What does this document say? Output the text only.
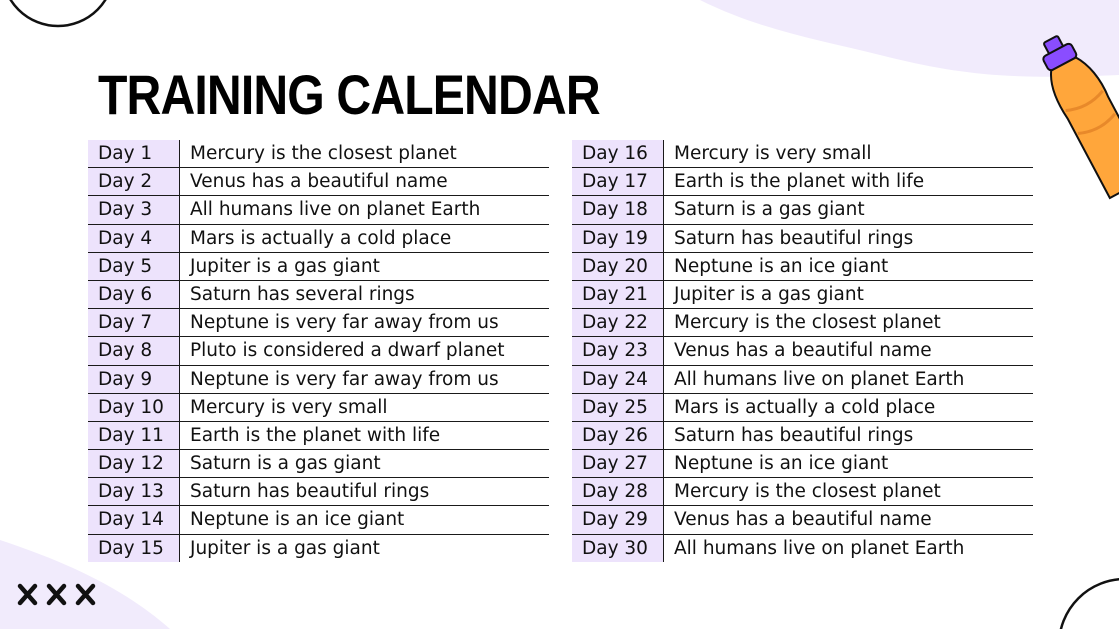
TRAINING CALENDAR
Day 1	Mercury is the closest planet
Day 2	Venus has a beautiful name
Day 3	All humans live on planet Earth
Day 4	Mars is actually a cold place
Day 5	Jupiter is a gas giant
Day 6	Saturn has several rings
Day 7	Neptune is very far away from us
Day 8	Pluto is considered a dwarf planet
Day 9	Neptune is very far away from us
Day 10	Mercury is very small
Day 11	Earth is the planet with life
Day 12	Saturn is a gas giant
Day 13	Saturn has beautiful rings
Day 14	Neptune is an ice giant
Day 15	Jupiter is a gas giant
Day 16	Mercury is very small
Day 17	Earth is the planet with life
Day 18	Saturn is a gas giant
Day 19	Saturn has beautiful rings
Day 20	Neptune is an ice giant
Day 21	Jupiter is a gas giant
Day 22	Mercury is the closest planet
Day 23	Venus has a beautiful name
Day 24	All humans live on planet Earth
Day 25	Mars is actually a cold place
Day 26	Saturn has beautiful rings
Day 27	Neptune is an ice giant
Day 28	Mercury is the closest planet
Day 29	Venus has a beautiful name
Day 30	All humans live on planet Earth
